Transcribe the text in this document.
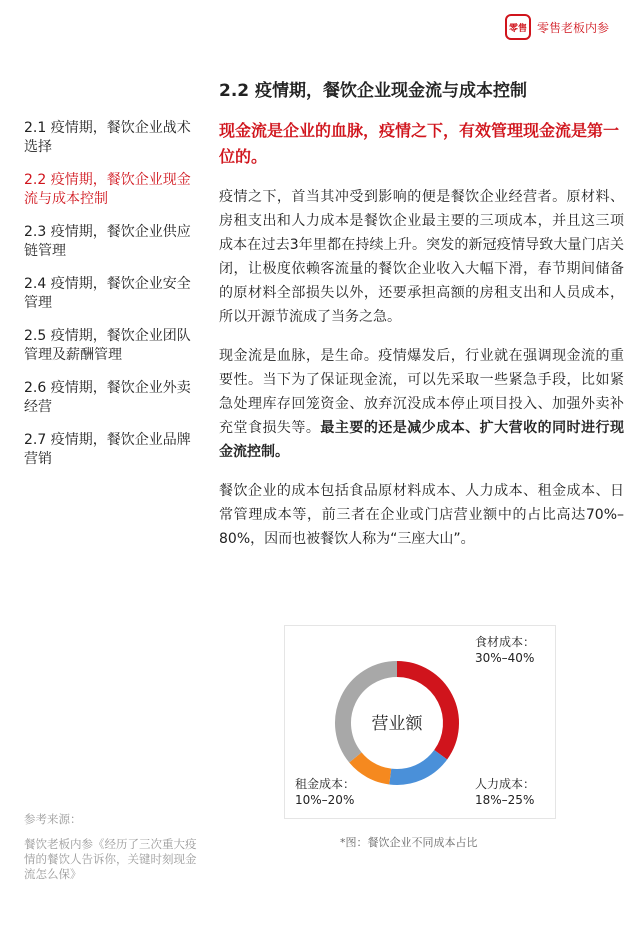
零售 零售老板内参
2.1 疫情期，餐饮企业战术选择
2.2 疫情期，餐饮企业现金流与成本控制
2.3 疫情期，餐饮企业供应链管理
2.4 疫情期，餐饮企业安全管理
2.5 疫情期，餐饮企业团队管理及薪酬管理
2.6 疫情期，餐饮企业外卖经营
2.7 疫情期，餐饮企业品牌营销
参考来源：
餐饮老板内参《经历了三次重大疫情的餐饮人告诉你，关键时刻现金流怎么保》
2.2 疫情期，餐饮企业现金流与成本控制

现金流是企业的血脉，疫情之下，有效管理现金流是第一位的。

疫情之下，首当其冲受到影响的便是餐饮企业经营者。原材料、房租支出和人力成本是餐饮企业最主要的三项成本，并且这三项成本在过去3年里都在持续上升。突发的新冠疫情导致大量门店关闭，让极度依赖客流量的餐饮企业收入大幅下滑，春节期间储备的原材料全部损失以外，还要承担高额的房租支出和人员成本，所以开源节流成了当务之急。

现金流是血脉，是生命。疫情爆发后，行业就在强调现金流的重要性。当下为了保证现金流，可以先采取一些紧急手段，比如紧急处理库存回笼资金、放弃沉没成本停止项目投入、加强外卖补充堂食损失等。最主要的还是减少成本、扩大营收的同时进行现金流控制。

餐饮企业的成本包括食品原材料成本、人力成本、租金成本、日常管理成本等，前三者在企业或门店营业额中的占比高达70%–80%，因而也被餐饮人称为“三座大山”。

营业额
食材成本：
30%–40%
人力成本：
18%–25%
租金成本：
10%–20%
*图：餐饮企业不同成本占比
